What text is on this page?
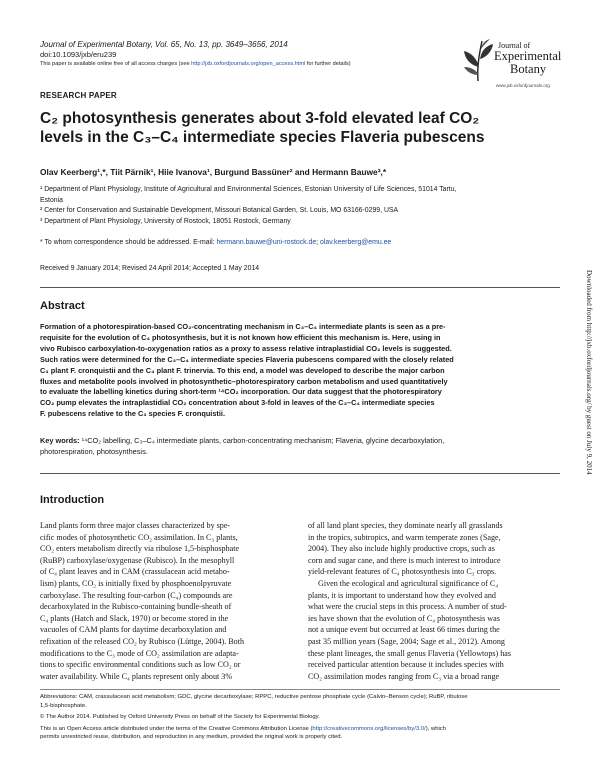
Journal of Experimental Botany, Vol. 65, No. 13, pp. 3649–3656, 2014
doi:10.1093/jxb/eru239
This paper is available online free of all access charges (see http://jxb.oxfordjournals.org/open_access.html for further details)
Journal of
Experimental
Botany
www.jxb.oxfordjournals.org
RESEARCH PAPER
C₂ photosynthesis generates about 3-fold elevated leaf CO₂
levels in the C₃–C₄ intermediate species Flaveria pubescens
Olav Keerberg¹,*, Tiit Pärnik¹, Hiie Ivanova¹, Burgund Bassüner² and Hermann Bauwe³,*
¹ Department of Plant Physiology, Institute of Agricultural and Environmental Sciences, Estonian University of Life Sciences, 51014 Tartu,
Estonia
² Center for Conservation and Sustainable Development, Missouri Botanical Garden, St. Louis, MO 63166-0299, USA
³ Department of Plant Physiology, University of Rostock, 18051 Rostock, Germany
* To whom correspondence should be addressed. E-mail: hermann.bauwe@uni-rostock.de; olav.keerberg@emu.ee
Received 9 January 2014; Revised 24 April 2014; Accepted 1 May 2014
Downloaded from http://jxb.oxfordjournals.org/ by guest on July 9, 2014
Abstract
Formation of a photorespiration-based CO₂-concentrating mechanism in C₃–C₄ intermediate plants is seen as a pre-
requisite for the evolution of C₄ photosynthesis, but it is not known how efficient this mechanism is. Here, using in
vivo Rubisco carboxylation-to-oxygenation ratios as a proxy to assess relative intraplastidial CO₂ levels is suggested.
Such ratios were determined for the C₃–C₄ intermediate species Flaveria pubescens compared with the closely related
C₃ plant F. cronquistii and the C₄ plant F. trinervia. To this end, a model was developed to describe the major carbon
fluxes and metabolite pools involved in photosynthetic–photorespiratory carbon metabolism and used quantitatively
to evaluate the labelling kinetics during short-term ¹⁴CO₂ incorporation. Our data suggest that the photorespiratory
CO₂ pump elevates the intraplastidial CO₂ concentration about 3-fold in leaves of the C₃–C₄ intermediate species
F. pubescens relative to the C₃ species F. cronquistii.
Key words: ¹⁴CO₂ labelling, C₃–C₄ intermediate plants, carbon-concentrating mechanism; Flaveria, glycine decarboxylation,
photorespiration, photosynthesis.
Introduction
Land plants form three major classes characterized by spe-
cific modes of photosynthetic CO₂ assimilation. In C₃ plants,
CO₂ enters metabolism directly via ribulose 1,5-bisphosphate
(RuBP) carboxylase/oxygenase (Rubisco). In the mesophyll
of C₄ plant leaves and in CAM (crassulacean acid metabo-
lism) plants, CO₂ is initially fixed by phosphoenolpyruvate
carboxylase. The resulting four-carbon (C₄) compounds are
decarboxylated in the Rubisco-containing bundle-sheath of
C₄ plants (Hatch and Slack, 1970) or become stored in the
vacuoles of CAM plants for daytime decarboxylation and
refixation of the released CO₂ by Rubisco (Lüttge, 2004). Both
modifications to the C₃ mode of CO₂ assimilation are adapta-
tions to specific environmental conditions such as low CO₂ or
water availability. While C₄ plants represent only about 3%
of all land plant species, they dominate nearly all grasslands
in the tropics, subtropics, and warm temperate zones (Sage,
2004). They also include highly productive crops, such as
corn and sugar cane, and there is much interest to introduce
yield-relevant features of C₄ photosynthesis into C₃ crops.
Given the ecological and agricultural significance of C₄
plants, it is important to understand how they evolved and
what were the crucial steps in this process. A number of stud-
ies have shown that the evolution of C₄ photosynthesis was
not a unique event but occurred at least 66 times during the
past 35 million years (Sage, 2004; Sage et al., 2012). Among
these plant lineages, the small genus Flaveria (Yellowtops) has
received particular attention because it includes species with
CO₂ assimilation modes ranging from C₃ via a broad range
Abbreviations: CAM, crassulacean acid metabolism; GDC, glycine decarboxylase; RPPC, reductive pentose phosphate cycle (Calvin–Benson cycle); RuBP, ribulose
1,5-bisphosphate.
© The Author 2014. Published by Oxford University Press on behalf of the Society for Experimental Biology.
This is an Open Access article distributed under the terms of the Creative Commons Attribution License (http://creativecommons.org/licenses/by/3.0/), which
permits unrestricted reuse, distribution, and reproduction in any medium, provided the original work is properly cited.
